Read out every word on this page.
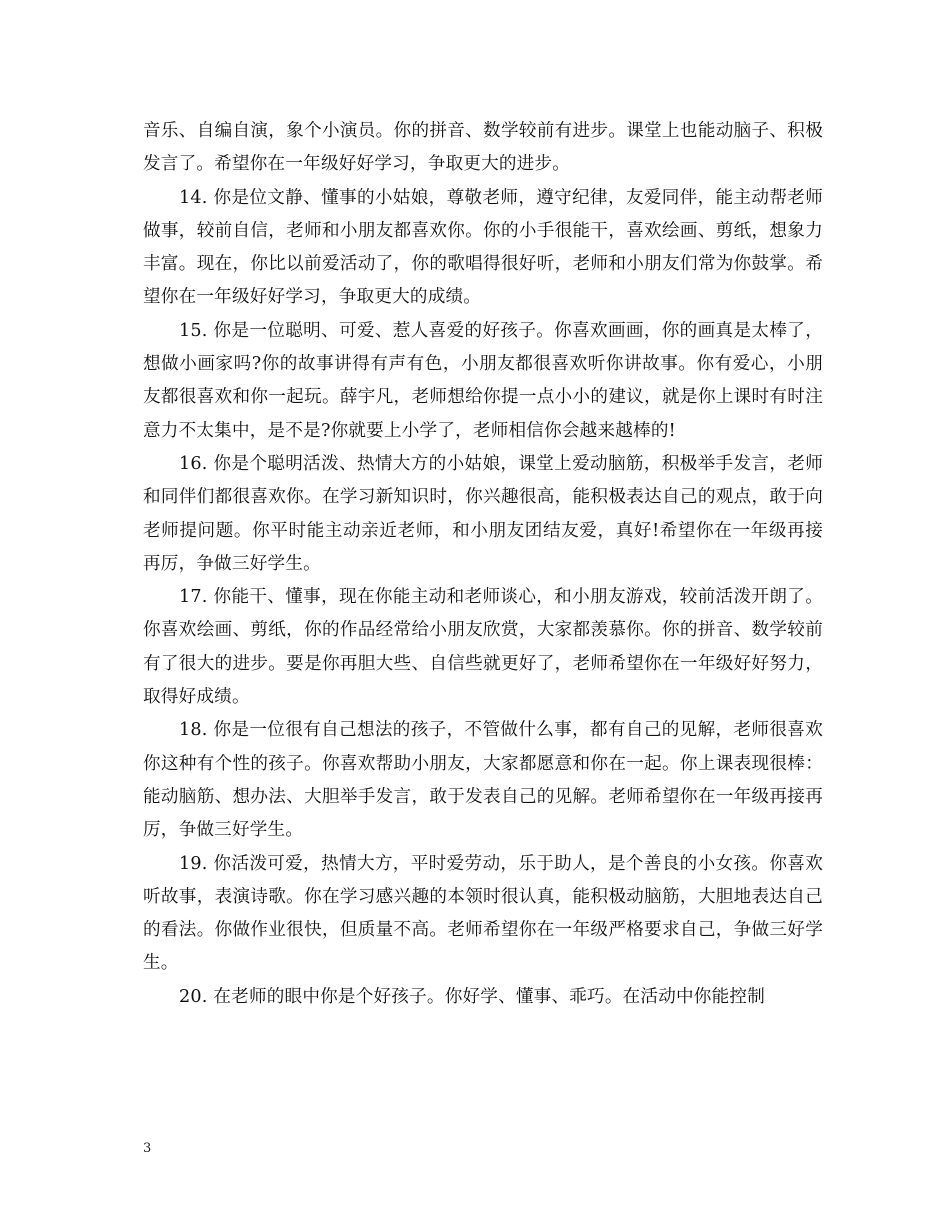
音乐、自编自演，象个小演员。你的拼音、数学较前有进步。课堂上也能动脑子、积极发言了。希望你在一年级好好学习，争取更大的进步。

14. 你是位文静、懂事的小姑娘，尊敬老师，遵守纪律，友爱同伴，能主动帮老师做事，较前自信，老师和小朋友都喜欢你。你的小手很能干，喜欢绘画、剪纸，想象力丰富。现在，你比以前爱活动了，你的歌唱得很好听，老师和小朋友们常为你鼓掌。希望你在一年级好好学习，争取更大的成绩。

15. 你是一位聪明、可爱、惹人喜爱的好孩子。你喜欢画画，你的画真是太棒了，想做小画家吗?你的故事讲得有声有色，小朋友都很喜欢听你讲故事。你有爱心，小朋友都很喜欢和你一起玩。薛宇凡，老师想给你提一点小小的建议，就是你上课时有时注意力不太集中，是不是?你就要上小学了，老师相信你会越来越棒的!

16. 你是个聪明活泼、热情大方的小姑娘，课堂上爱动脑筋，积极举手发言，老师和同伴们都很喜欢你。在学习新知识时，你兴趣很高，能积极表达自己的观点，敢于向老师提问题。你平时能主动亲近老师，和小朋友团结友爱，真好!希望你在一年级再接再厉，争做三好学生。

17. 你能干、懂事，现在你能主动和老师谈心，和小朋友游戏，较前活泼开朗了。你喜欢绘画、剪纸，你的作品经常给小朋友欣赏，大家都羡慕你。你的拼音、数学较前有了很大的进步。要是你再胆大些、自信些就更好了，老师希望你在一年级好好努力，取得好成绩。

18. 你是一位很有自己想法的孩子，不管做什么事，都有自己的见解，老师很喜欢你这种有个性的孩子。你喜欢帮助小朋友，大家都愿意和你在一起。你上课表现很棒：能动脑筋、想办法、大胆举手发言，敢于发表自己的见解。老师希望你在一年级再接再厉，争做三好学生。

19. 你活泼可爱，热情大方，平时爱劳动，乐于助人，是个善良的小女孩。你喜欢听故事，表演诗歌。你在学习感兴趣的本领时很认真，能积极动脑筋，大胆地表达自己的看法。你做作业很快，但质量不高。老师希望你在一年级严格要求自己，争做三好学生。

20. 在老师的眼中你是个好孩子。你好学、懂事、乖巧。在活动中你能控制

3
